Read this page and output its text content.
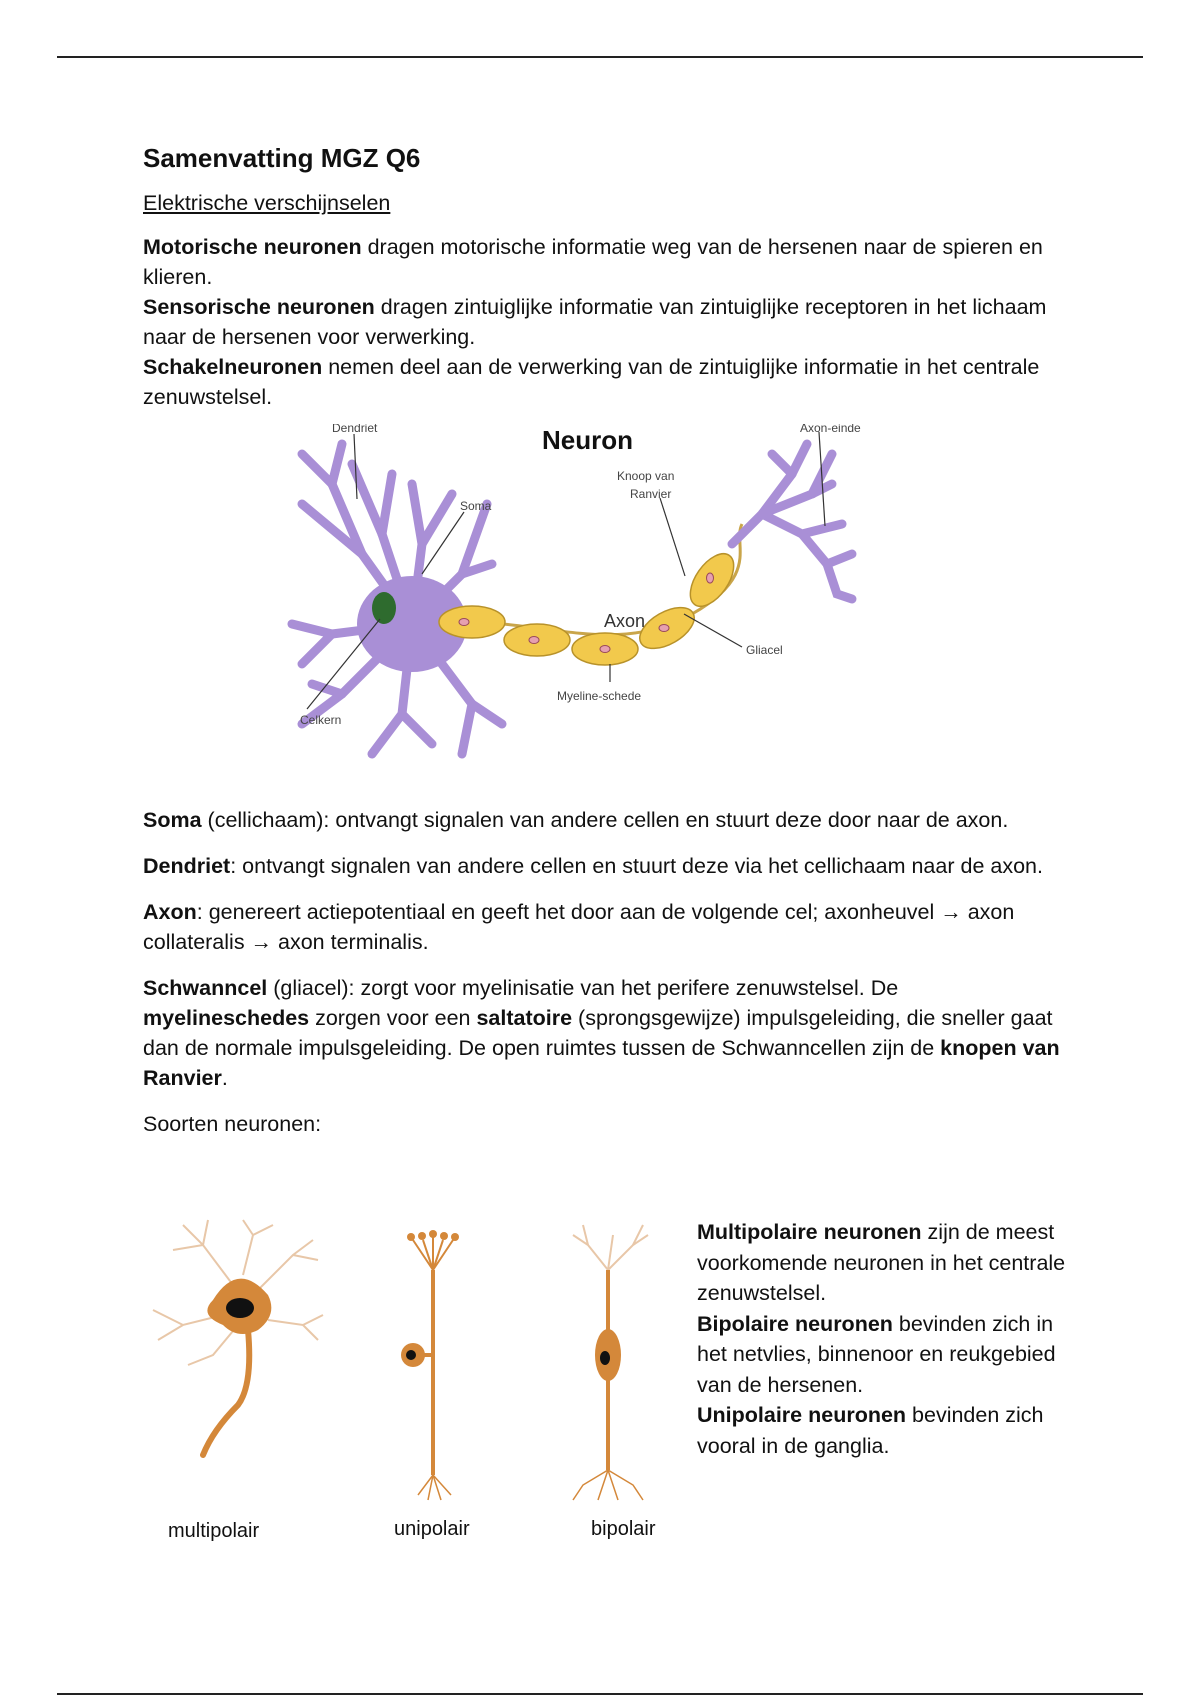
Samenvatting MGZ Q6

Elektrische verschijnselen

Motorische neuronen dragen motorische informatie weg van de hersenen naar de spieren en klieren.

Sensorische neuronen dragen zintuiglijke informatie van zintuiglijke receptoren in het lichaam naar de hersenen voor verwerking.

Schakelneuronen nemen deel aan de verwerking van de zintuiglijke informatie in het centrale zenuwstelsel.

Neuron
Dendriet
Soma
Celkern
Axon
Knoop van
Ranvier
Axon-einde
Gliacel
Myeline-schede

Soma (cellichaam): ontvangt signalen van andere cellen en stuurt deze door naar de axon.

Dendriet: ontvangt signalen van andere cellen en stuurt deze via het cellichaam naar de axon.

Axon: genereert actiepotentiaal en geeft het door aan de volgende cel; axonheuvel → axon collateralis → axon terminalis.

Schwanncel (gliacel): zorgt voor myelinisatie van het perifere zenuwstelsel. De myelineschedes zorgen voor een saltatoire (sprongsgewijze) impulsgeleiding, die sneller gaat dan de normale impulsgeleiding. De open ruimtes tussen de Schwanncellen zijn de knopen van Ranvier.

Soorten neuronen:

multipolair	unipolair	bipolair

Multipolaire neuronen zijn de meest voorkomende neuronen in het centrale zenuwstelsel.

Bipolaire neuronen bevinden zich in het netvlies, binnenoor en reukgebied van de hersenen.

Unipolaire neuronen bevinden zich vooral in de ganglia.
